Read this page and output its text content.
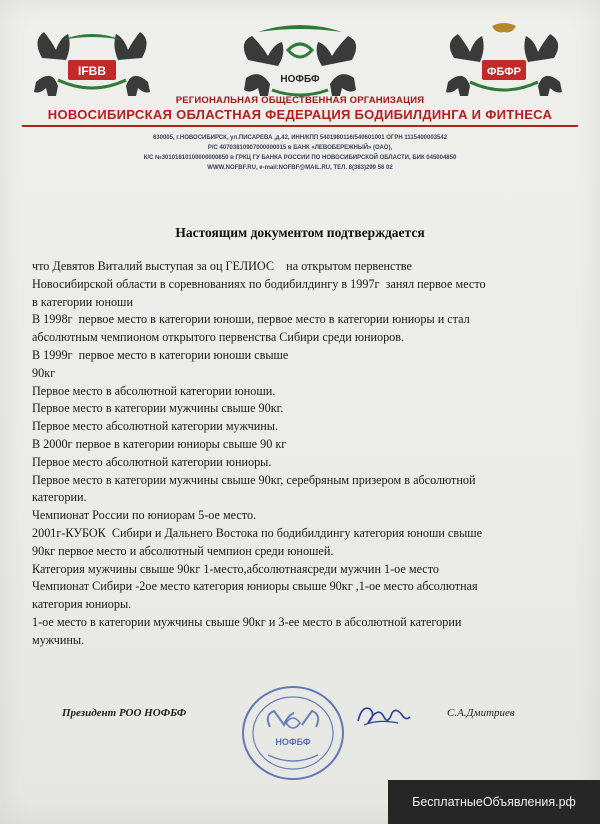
IFBB
НОФБФ
ФБФР
РЕГИОНАЛЬНАЯ ОБЩЕСТВЕННАЯ ОРГАНИЗАЦИЯ
НОВОСИБИРСКАЯ ОБЛАСТНАЯ ФЕДЕРАЦИЯ БОДИБИЛДИНГА И ФИТНЕСА
630005, г.НОВОСИБИРСК, ул.ПИСАРЕВА ,д.42, ИНН/КПП 5401980116/540601001 ОГРН 1115400003542
Р/С 40703810907000000015 в БАНК «ЛЕВОБЕРЕЖНЫЙ» (ОАО),
К/С №30101810100000000850 в ГРКЦ ГУ БАНКА РОССИИ ПО НОВОСИБИРСКОЙ ОБЛАСТИ, БИК 045004850
WWW.NOFBF.RU, e-mail:NOFBF@MAIL.RU, ТЕЛ. 8(383)299 56 02
Настоящим документом подтверждается

что Девятов Виталий выступая за оц ГЕЛИОС    на открытом первенстве

Новосибирской области в соревнованиях по бодибилдингу в 1997г  занял первое место

в категории юноши

В 1998г  первое место в категории юноши, первое место в категории юниоры и стал

абсолютным чемпионом открытого первенства Сибири среди юниоров.

В 1999г  первое место в категории юноши свыше

90кг

Первое место в абсолютной категории юноши.

Первое место в категории мужчины свыше 90кг.

Первое место абсолютной категории мужчины.

В 2000г первое в категории юниоры свыше 90 кг

Первое место абсолютной категории юниоры.

Первое место в категории мужчины свыше 90кг, серебряным призером в абсолютной

категории.

Чемпионат России по юниорам 5-ое место.

2001г-КУБОК  Сибири и Дальнего Востока по бодибилдингу категория юноши свыше

90кг первое место и абсолютный чемпион среди юношей.

Категория мужчины свыше 90кг 1-место,абсолютнаясреди мужчин 1-ое место

Чемпионат Сибири -2ое место категория юниоры свыше 90кг ,1-ое место абсолютная

категория юниоры.

1-ое место в категории мужчины свыше 90кг и 3-ее место в абсолютной категории

мужчины.

Президент РОО НОФБФ
НОФБФ
С.А.Дмитриев
БесплатныеОбъявления.рф
